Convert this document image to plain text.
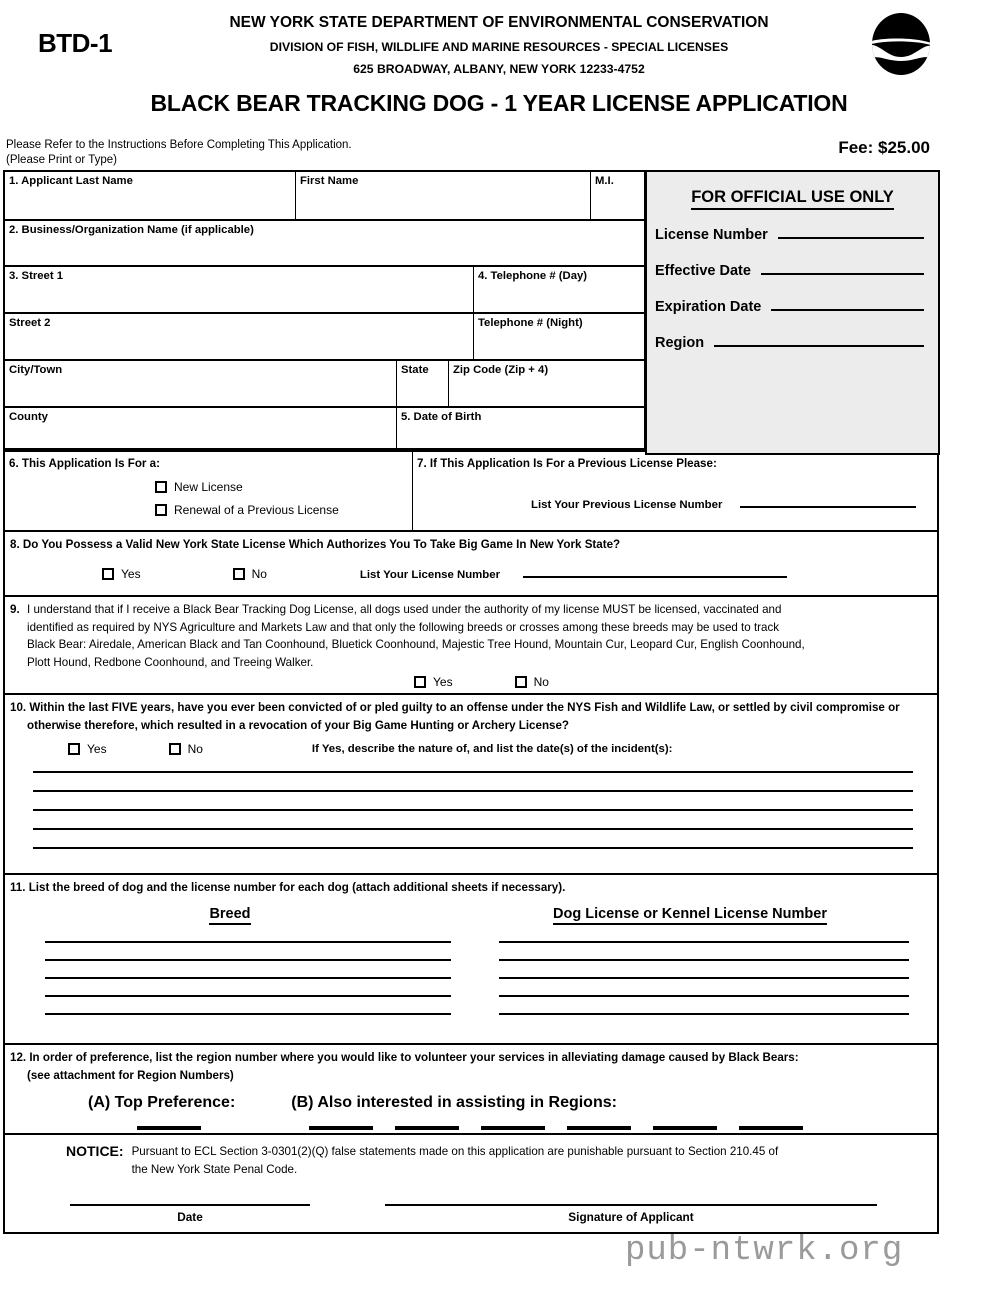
BTD-1
NEW YORK STATE DEPARTMENT OF ENVIRONMENTAL CONSERVATION
DIVISION OF FISH, WILDLIFE AND MARINE RESOURCES - SPECIAL LICENSES
625 BROADWAY, ALBANY, NEW YORK 12233-4752
BLACK BEAR TRACKING DOG - 1 YEAR LICENSE APPLICATION
Please Refer to the Instructions Before Completing This Application.
(Please Print or Type)
Fee: $25.00
FOR OFFICIAL USE ONLY
License Number
Effective Date
Expiration Date
Region
1. Applicant Last Name	First Name	M.I.
2. Business/Organization Name (if applicable)
3. Street 1	4. Telephone # (Day)
Street 2	Telephone # (Night)
City/Town	State	Zip Code (Zip + 4)
County	5. Date of Birth
6. This Application Is For a:
New License
Renewal of a Previous License
7. If This Application Is For a Previous License Please:
List Your Previous License Number
8. Do You Possess a Valid New York State License Which Authorizes You To Take Big Game In New York State?
Yes	No	List Your License Number
9. I understand that if I receive a Black Bear Tracking Dog License, all dogs used under the authority of my license MUST be licensed, vaccinated and
identified as required by NYS Agriculture and Markets Law and that only the following breeds or crosses among these breeds may be used to track
Black Bear: Airedale, American Black and Tan Coonhound, Bluetick Coonhound, Majestic Tree Hound, Mountain Cur, Leopard Cur, English Coonhound,
Plott Hound, Redbone Coonhound, and Treeing Walker.
Yes	No
10. Within the last FIVE years, have you ever been convicted of or pled guilty to an offense under the NYS Fish and Wildlife Law, or settled by civil compromise or
otherwise therefore, which resulted in a revocation of your Big Game Hunting or Archery License?
Yes	No	If Yes, describe the nature of, and list the date(s) of the incident(s):
11. List the breed of dog and the license number for each dog (attach additional sheets if necessary).
Breed	Dog License or Kennel License Number
12. In order of preference, list the region number where you would like to volunteer your services in alleviating damage caused by Black Bears:
(see attachment for Region Numbers)
(A) Top Preference:	(B) Also interested in assisting in Regions:
NOTICE: Pursuant to ECL Section 3-0301(2)(Q) false statements made on this application are punishable pursuant to Section 210.45 of
the New York State Penal Code.
Date	Signature of Applicant
pub-ntwrk.org
